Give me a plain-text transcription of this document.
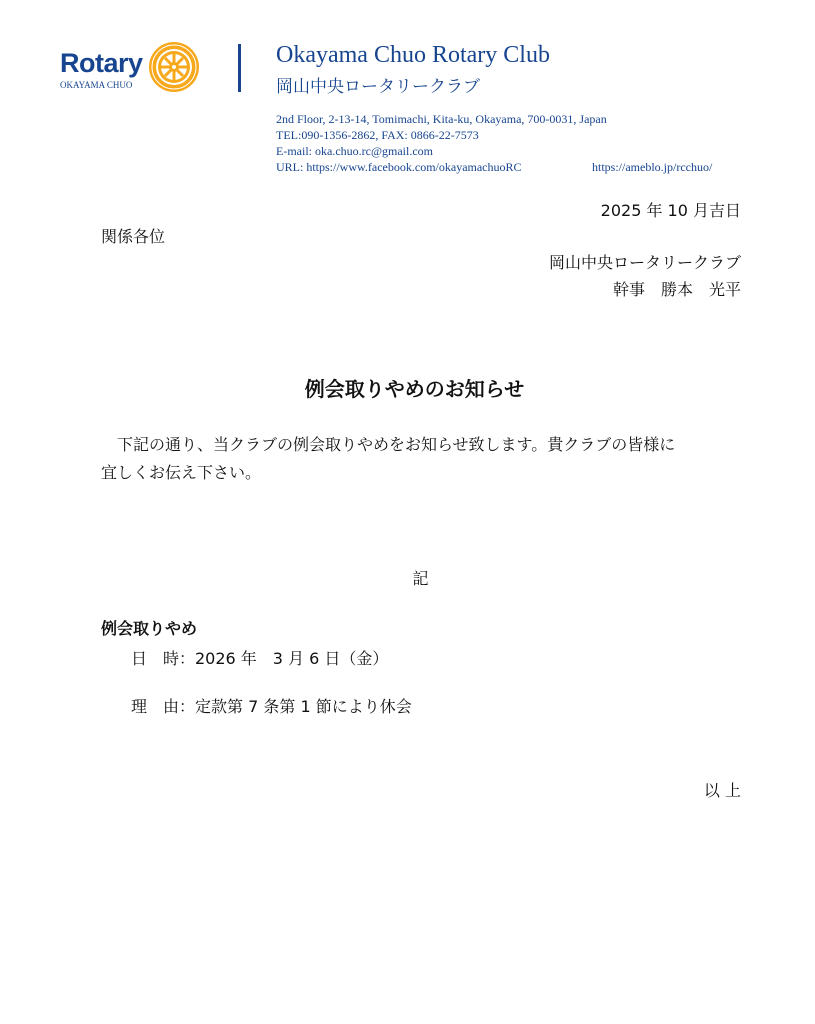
Rotary
OKAYAMA CHUO
Okayama Chuo Rotary Club
岡山中央ロータリークラブ
2nd Floor, 2-13-14, Tomimachi, Kita-ku, Okayama, 700-0031, Japan
TEL:090-1356-2862, FAX: 0866-22-7573
E-mail: oka.chuo.rc@gmail.com
URL: https://www.facebook.com/okayamachuoRC	https://ameblo.jp/rcchuo/
2025 年 10 月吉日
関係各位
岡山中央ロータリークラブ
幹事　勝本　光平
例会取りやめのお知らせ
　下記の通り、当クラブの例会取りやめをお知らせ致します。貴クラブの皆様に
宜しくお伝え下さい。
記
例会取りやめ
日　時：2026 年　3 月 6 日（金）
理　由：定款第 7 条第 1 節により休会
以 上
